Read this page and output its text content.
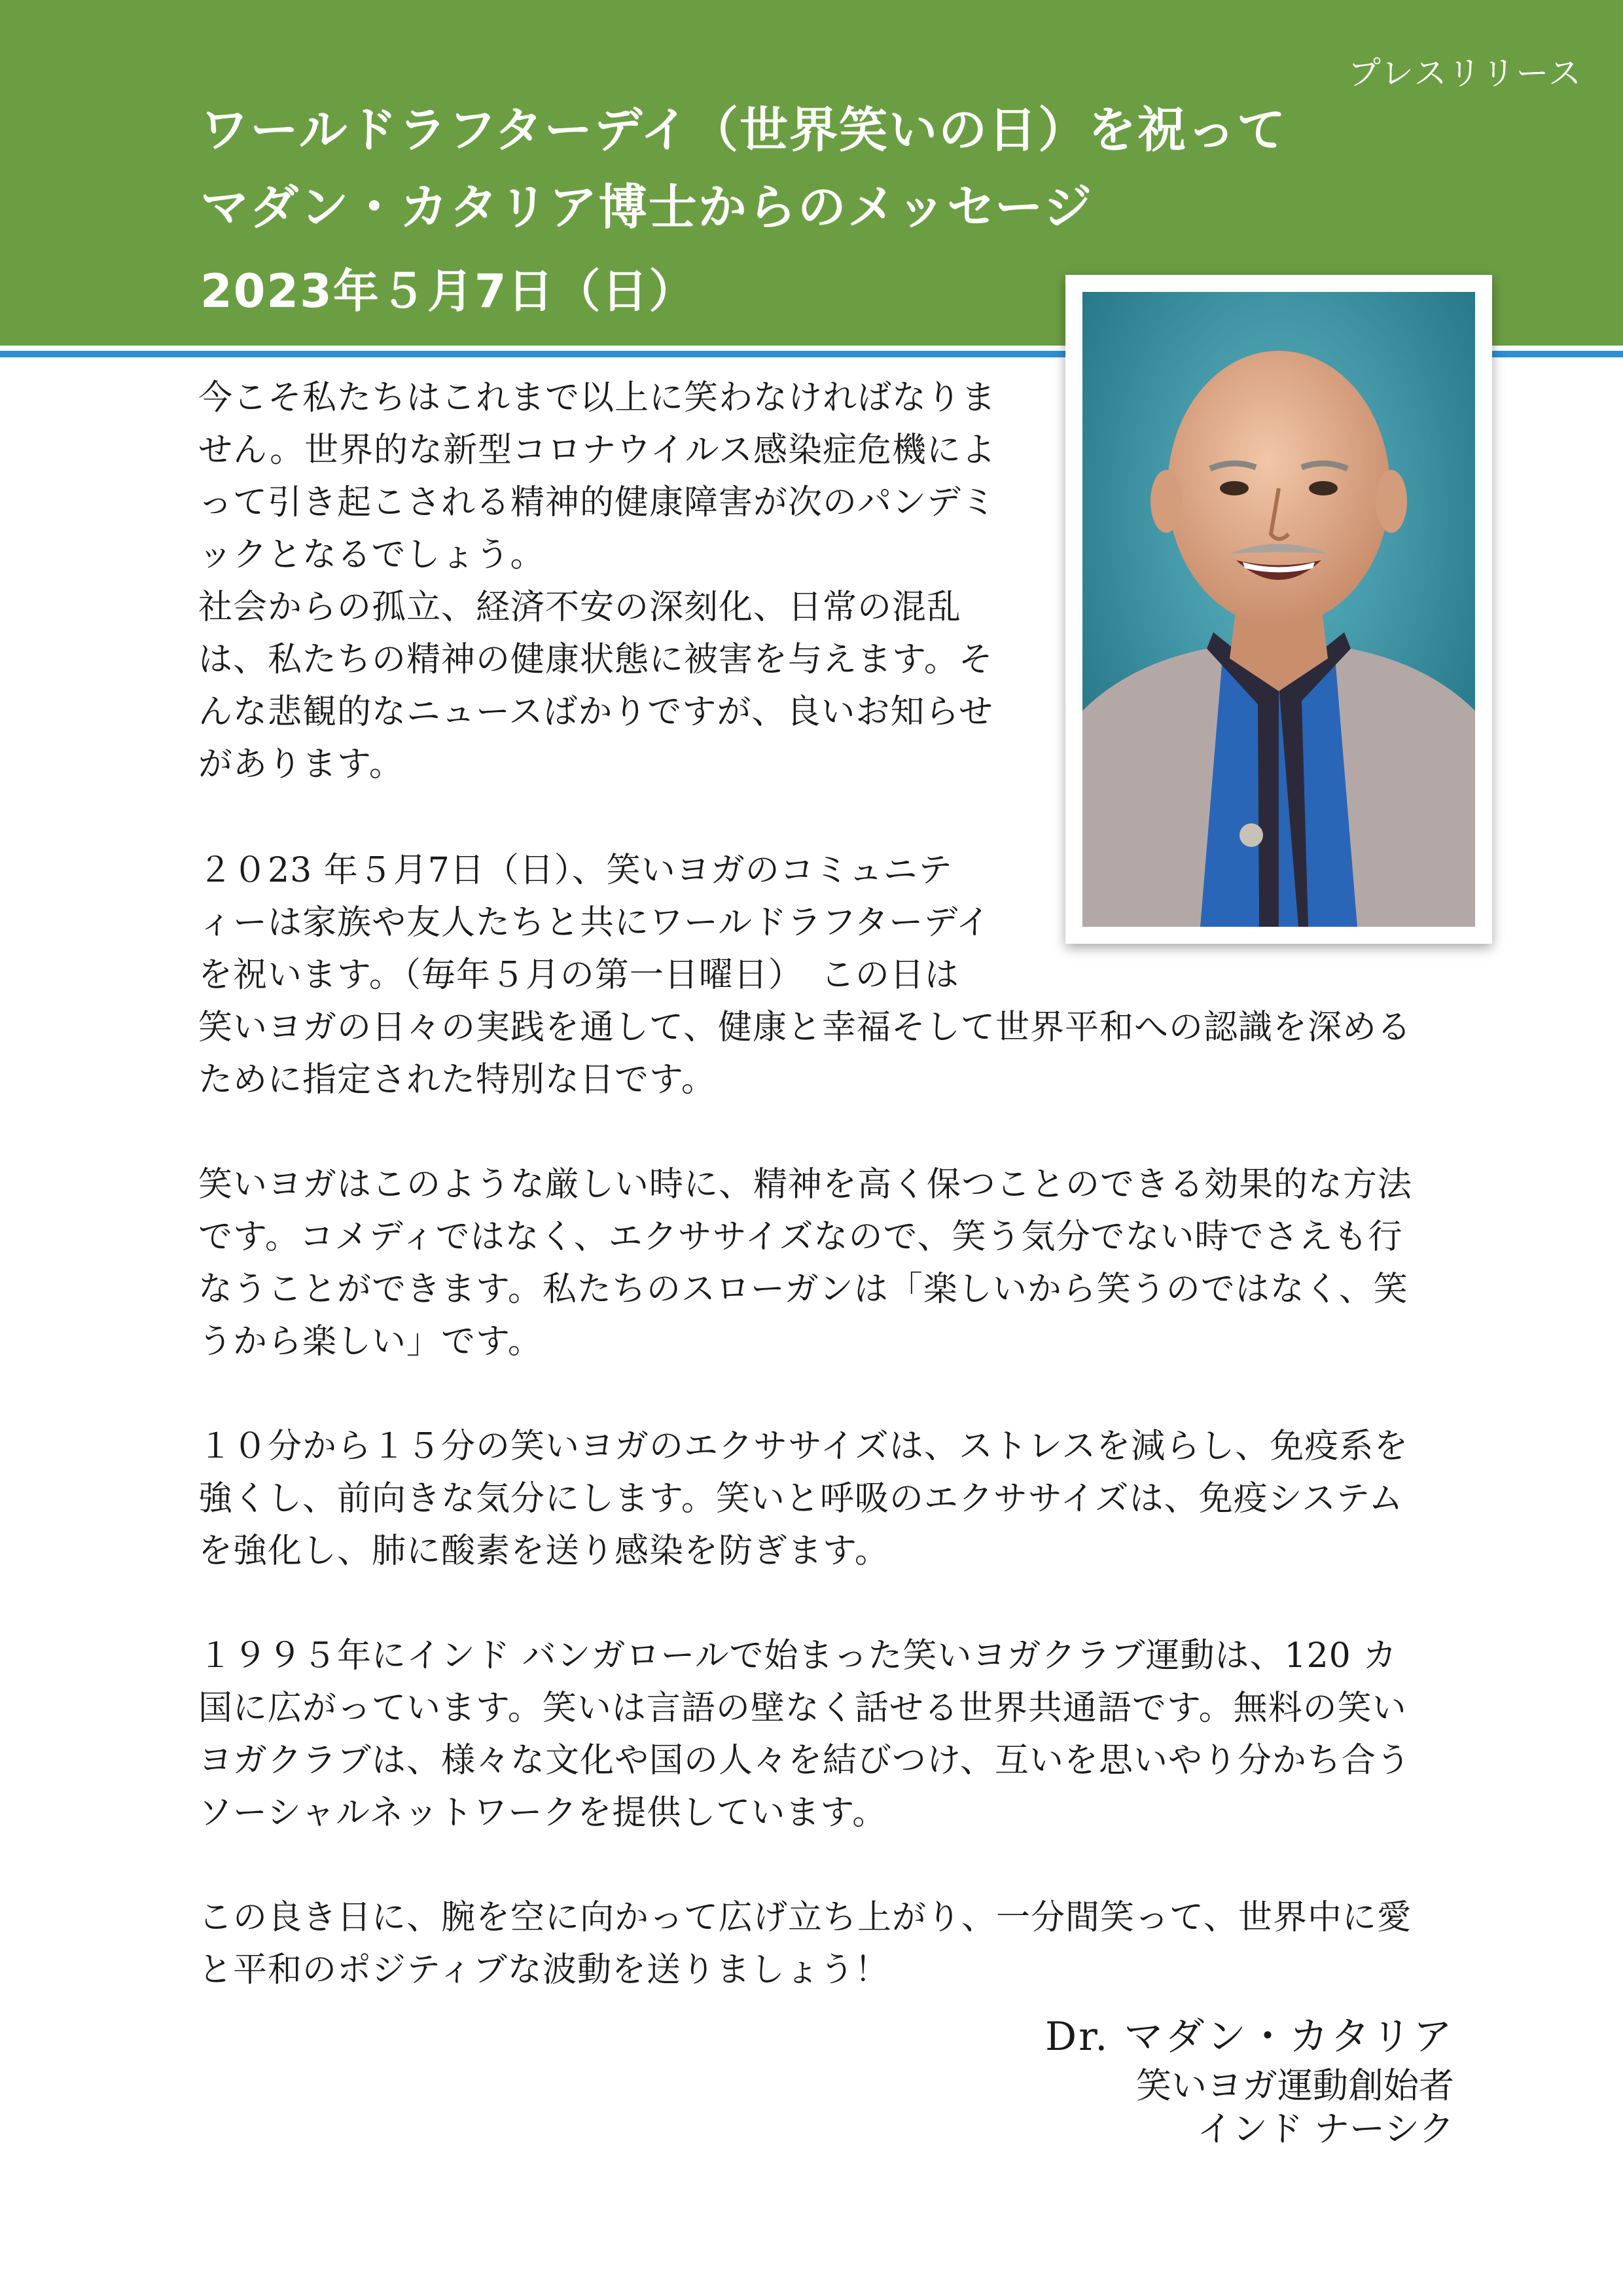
プレスリリース
ワールドラフターデイ（世界笑いの日）を祝って
マダン・カタリア博士からのメッセージ
2023年５月7日（日）
今こそ私たちはこれまで以上に笑わなければなりま
せん。世界的な新型コロナウイルス感染症危機によ
って引き起こされる精神的健康障害が次のパンデミ
ックとなるでしょう。
社会からの孤立、経済不安の深刻化、日常の混乱
は、私たちの精神の健康状態に被害を与えます。そ
んな悲観的なニュースばかりですが、良いお知らせ
があります。
２０23 年５月7日（日）、笑いヨガのコミュニテ
ィーは家族や友人たちと共にワールドラフターデイ
を祝います。（毎年５月の第一日曜日）　この日は
笑いヨガの日々の実践を通して、健康と幸福そして世界平和への認識を深める
ために指定された特別な日です。
笑いヨガはこのような厳しい時に、精神を高く保つことのできる効果的な方法
です。コメディではなく、エクササイズなので、笑う気分でない時でさえも行
なうことができます。私たちのスローガンは「楽しいから笑うのではなく、笑
うから楽しい」です。
１０分から１５分の笑いヨガのエクササイズは、ストレスを減らし、免疫系を
強くし、前向きな気分にします。笑いと呼吸のエクササイズは、免疫システム
を強化し、肺に酸素を送り感染を防ぎます。
１９９５年にインド バンガロールで始まった笑いヨガクラブ運動は、120 カ
国に広がっています。笑いは言語の壁なく話せる世界共通語です。無料の笑い
ヨガクラブは、様々な文化や国の人々を結びつけ、互いを思いやり分かち合う
ソーシャルネットワークを提供しています。
この良き日に、腕を空に向かって広げ立ち上がり、一分間笑って、世界中に愛
と平和のポジティブな波動を送りましょう！
Dr. マダン・カタリア
笑いヨガ運動創始者
インド ナーシク
